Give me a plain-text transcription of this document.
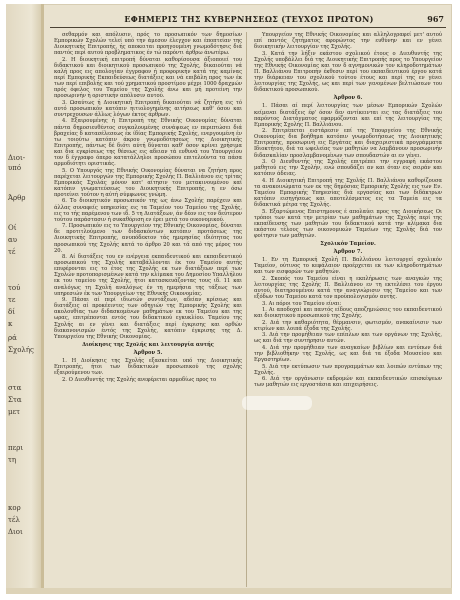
Διοι-
υπό
Άρθρ
Οί
αυ
τέ
τού
τε
δί
κ
ρά
Σχολής
στα
Στα
μετ
περι
τη
κορ
τέλ
Διοι
ΕΦΗΜΕΡΙΣ ΤΗΣ ΚΥΒΕΡΝΗΣΕΩΣ (ΤΕΥΧΟΣ ΠΡΩΤΟΝ)	967

σεθαρμόν και απόλυσιν, πρός το προσωπικόν των δημοσίων Εμπορικών Σχολών τελεί υπό την άμεσον έλεγχον και έποπτείαν της Διοικητικής Επιτροπής, ής αποκειται προηγουμένη γνωμοδότησις διά παντός περί αυτού προβληματικος έν τώ παρόντι άρθρω άνωτέρω.

2. Η διοικητική επιτροπή δύναται καθορίσουσα άξιοποιεί του διδακτικού και διοικητικού προσωπικού της Σχολής, δικαιούται νά καλή προς εις απολογίαν έγγραφον ή προφορικήν κατά της καμίνας περί Εμπορικής Εκπαιδεύσεως διατάξεις και νά επιβάλη προς των έκ των περί επιβολής και τού χρηματικού προστίμου μέχρι 1000 δραχμών πρός όφελος του Ταμείου της Σχολής άνω και μή προτείνη την προσωρινήν ή οριστικήν απόλυσιν αυτού.

3. Ωσαύτως ή Διοικητική Επιτροπή δικαιούται νά ζητήση εις τό αυτό προσωπικόν κατόπιν ηιτιολογημένης αιτήσεως καθ' όσου και συντρεχουσων άλλως λόγων έκτος άρθρων.

4. Εξαιρουμένης ή Επιτροπή της Εθνικής Οικονομίας δύναται πάντα δημοσιευθέντος συγκαλουμένης συνάψεως εν περιπτώσει διά βραχείας δ κατασέλεσεως έκ ίδίας Εμπορικής Σχολής, ενεργουμένη έν τω τοιούτω κατόπιν άκρου γνωμοδότησεως της Διοικητικής Επιτροπής, πάντως δέ διότι αύτή δύναται καθ' όσον κρίνει χρήσιμα και δια εγκρίσεως της θέσεως εις αδειαν τά ευθυνά του Υπουργείου τον δ έγγραφο όπερο κατατάλληλοι προσώπου επιτελούντα τα πάσα αρμοδιότητι οριστικάς.

5. Ο Υπουργός της Εθνικής Οικονομίας δύναται να ζητήση προς παρέχεται λειτουργών της Εμπορικής Σχολής Π. Βαλλιάνου εις τρίτας Εμπορικάς Σχολάς μόνον κατ' αίτησιν του μετακινουμένου καί κατόπιν γνωματεύσεως του Διοικητικής Επιτροπής, η εν όσω προτείνει τούτον η αύτή σύμφωνος γνώμη.

6. Το διοικητικόν προσωπικόν της ως άνω Σχολής παρέχειν και άλλας συναφείς υπηρεσίας εις τα Ταμείον του Ταμείου της Σχολής, εις το τής παρέμενου των ιδ. 5 τη Διατάξεων, άν δέον εις τον δεύτερον τούτου παράστασιν ή συκαθόριση εν έρει μετά του οικονομικού.

7. Προσωπικόν εις το Υπουργείον της Εθνικής Οικονομίας, δύναται δε προτιτλούμενο των διδασκόντων κατόπιν προτάσεως της Διοικητικής Επιτροπής, ανυπόδεκτον τάς ημερησίας ιδιότητας του προσωπικού της Σχολής κατά το άρθρο 20 και τά από της μέρος του 20.

8. Αί διατάξεις του εν ενέργεια εκπαιδευτικού και εκπαιδευτικού προσωπικού της Σχολής καταβάλλονται έκ του Ταμείου αυτής επιφέρονται εις το έτος της Σχολής εκ των διατάξεων περί των Σχολών προτοπορισμένων κατά την κλίμακα του Δημοσίου Υπαλλήλου εκ του ταμείου της Σχολής, ήτοι κατασκευάζοντας τους ιδ. 11 και αναλόγως τη Σχολή αναλόγως έν τη ημερήσια της τάξεως των υπηρεσιών έκ των Υπουργείων της Εθνικής Οικονομίας.

9. Πάσαι αί περί ιδιωτών συντάξεων, αδείαν κρίσεως και διατάξεις αί προκέειντες των οδηγιών της Εμπορικής Σχολής και ακολουθίας των διδασκομένων μαθημάτων εκ του Ταμείου και της ωρας, επιτρέπονται εντός του διδακτικού εγκυκλίου. Ταμείου της Σχολής αι εν γένει και διατάξεις περί έγκρισης και ορθών διακανονισμών έντός της Σχολής, κατόπιν έγκρισης της Δ. Υπουργείου της Εθνικής Οικονομίας.

Διοίκησις της Σχολής και λειτουργία αυτής

Άρθρον 5.

1. Η Διοίκησις της Σχολής εξασκείται υπό της Διοικητικής Επιτροπής, ήτοι των διδακτικών προσωπικού της σχολής εξαιρούμενου των.

2. Ο Διευθυντής της Σχολής ανεφέρεται αρμοδίως προς το

Υπουργείον της Εθνικής Οικονομίας και αλληλογραφεί μετ' αυτού επί παντός ζητήματος αφορώντος την ευθύνην και εν γένει διοικητικήν λειτουργίαν της Σχολής.

3. Κατά την λήξιν εκάστου σχολικού έτους ο Διευθυντής της Σχολής υποβάλλει διά της Διοικητικής Επιτροπής προς το Υπουργείον της Εθνικής Οικονομίας και τον δ αγνημονικών τον κληροδοτημάτων Π. Βαλλιάνου Επιτροπήν έκθεσιν περί του εκπαιδευτικού έργου κατά την διάρκειαν του σχολικού τούτου έτους και περί της εν γένει λειτουργίας της Σχολής, ως και περί των γενομένων βελτιώσεων του διδακτικού προσωπικού.

Άρθρον 6.

1. Πάσαι αί περί λειτουργίας των μέσων Εμπορικών Σχολών κείμεναι διατάξεις έφ' όσον δεν αντίκεινται εις τας διατάξεις του παρόντος Διατάγματος εφαρμόζονται και επί της λειτουργίας της Εμπορικής Σχολής Π. Βαλλιάνου.

2. Επιτρέπεται ειστάρεσιν επί της Υπουργείου της Εθνικής Οικονομίας δια βοήθημα κατόπιν γνωμοδοτήσεως της Διοικητικής Επιτροπής, προσωρινή εις Εργάτας και διαχειριστικά προγράμματα Ιδιοκτήτου, διά τα ωφελείας των μαθητών να λαμβάνουν προσωρινήν διδασκαλίαν προσλαμβανομένων των σπουδαστών αι εν γένει.

3. Ο Διευθυντής της Σχολής επιτρέπει την εγγραφή εκάστου μαθητού εις την Σχολήν, ενώ σπουδάζει αν και όταν εις σειράν και κατόπιν άδειας.

4. Η Διοικητική Επιτροπή της Σχολής Π. Βαλλιάνου καθορίζουσα τα ανακοινώματα των εκ της δημόσιας Εμπορικής Σχολής εις των Εν. Ταμείου Εμπορικής Υπηρεσίας διά εργασίας και των διδάκτρων κατόπιν εισηγήσεως και αποτελέσματος εις τα Ταμεία εις τα διδακτικά μέτρα της Σχολής.

5. Εξαρτώμενος Επιστημονος έ απολαύει προς της Διοικήσεως Οι τρόποι των κατά την μετρίαν των μαθημάτων της Σχολής περί της εκπαίδευσης των μαθητών του διδακτικού κατά την κλίμακα δια εκάστου τέλους των οικονομικών Ταμείων της Σχολής διά τον φοίτησιν των μαθητών.

Σχολικόν Ταμείον.

Άρθρον 7.

1. Εν τη Εμπορική Σχολή Π. Βαλλιάνου λειτουργεί σχολικόν Ταμείον, ούτινος το κεφάλαιον προέρχεται εκ των κληροδοτημάτων και των εισφορών των μαθητών.

2. Σκοπός του Ταμείου είναι η εκπλήρωσις των αναγκών της λειτουργίας της Σχολής Π. Βαλλιάνου εν τη εκτελέσει του έργου αυτού, διατηρουμένου κατά την αναγνώρισιν της Ταμείου και των εξόδων του Ταμείου κατά τον προϋπολογισμόν αυτής.

3. Αι πόροι του Ταμείου είναι:

1. Αι αποδοχαί και παντός είδους αποζημιώσεις του εκπαιδευτικού και διοικητικού προσωπικού της Σχολής.

2. Διά την καθαριότητα, θέρμανσιν, φωτισμόν, ανακαίνισιν των κτιρίων και λοιπά έξοδα της Σχολής.

3. Διά την προμήθειαν των επίπλων και των οργάνων της Σχολής, ως και διά την συντήρησιν αυτών.

4. Διά την προμήθειαν των αναγκαίων βιβλίων και εντύπων διά την βιβλιοθήκην της Σχολής, ως και διά τα έξοδα Μουσείου και Εργαστηρίων.

5. Διά την εκτύπωσιν των προγραμμάτων και λοιπών εντύπων της Σχολής.

6. Διά την οργάνωσιν εκδρομών και εκπαιδευτικών επισκέψεων των μαθητών εις εργοστάσια και επιχειρήσεις.
